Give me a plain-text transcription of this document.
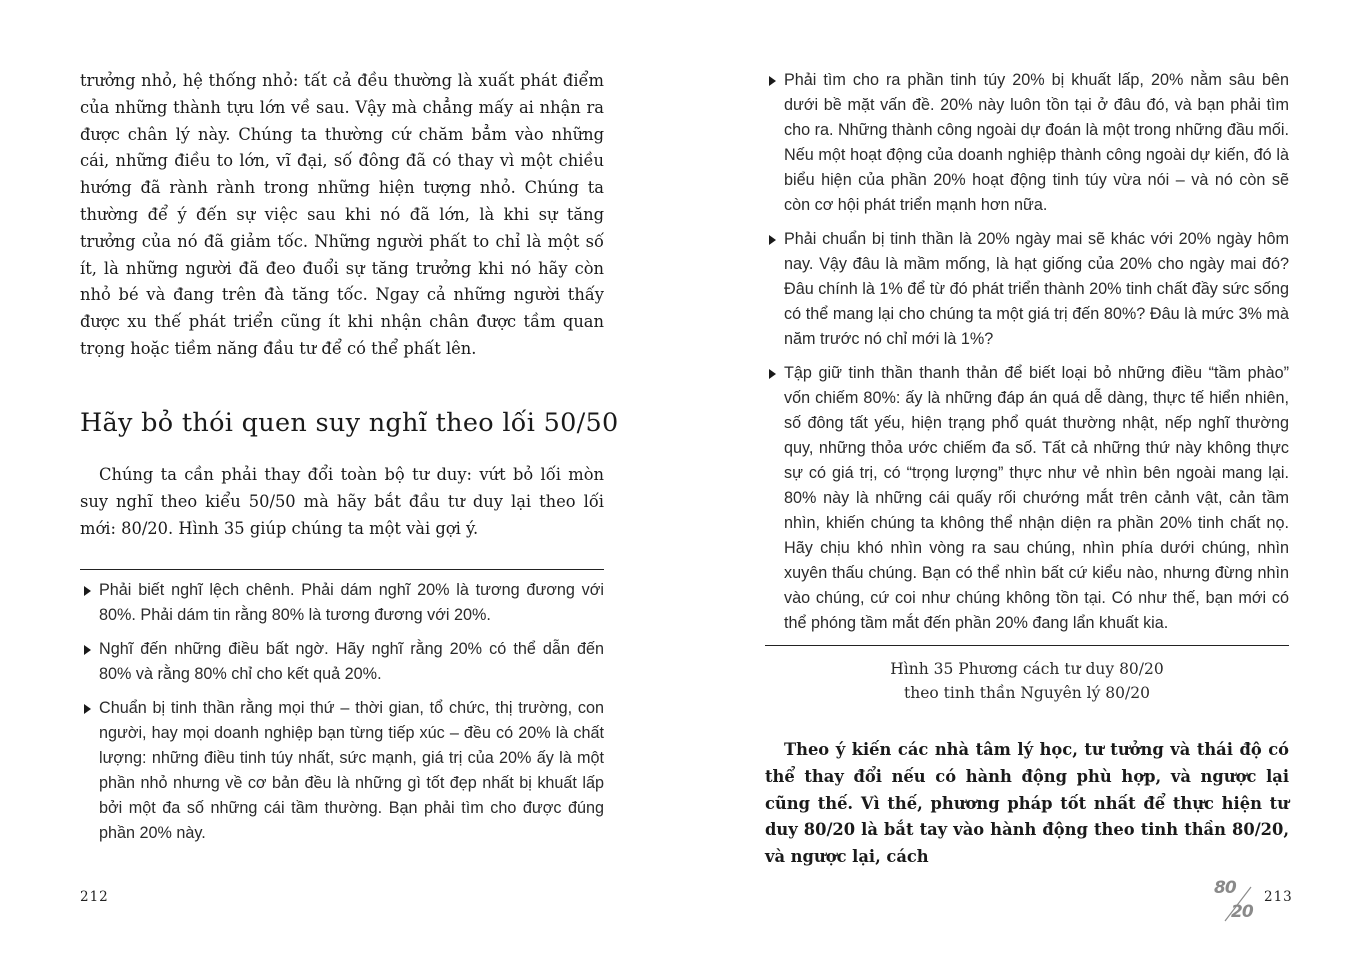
trưởng nhỏ, hệ thống nhỏ: tất cả đều thường là xuất phát điểm của những thành tựu lớn về sau. Vậy mà chẳng mấy ai nhận ra được chân lý này. Chúng ta thường cứ chăm bẳm vào những cái, những điều to lớn, vĩ đại, số đông đã có thay vì một chiều hướng đã rành rành trong những hiện tượng nhỏ. Chúng ta thường để ý đến sự việc sau khi nó đã lớn, là khi sự tăng trưởng của nó đã giảm tốc. Những người phất to chỉ là một số ít, là những người đã đeo đuổi sự tăng trưởng khi nó hãy còn nhỏ bé và đang trên đà tăng tốc. Ngay cả những người thấy được xu thế phát triển cũng ít khi nhận chân được tầm quan trọng hoặc tiềm năng đầu tư để có thể phất lên.

Hãy bỏ thói quen suy nghĩ theo lối 50/50

Chúng ta cần phải thay đổi toàn bộ tư duy: vứt bỏ lối mòn suy nghĩ theo kiểu 50/50 mà hãy bắt đầu tư duy lại theo lối mới: 80/20. Hình 35 giúp chúng ta một vài gợi ý.

Phải biết nghĩ lệch chênh. Phải dám nghĩ 20% là tương đương với 80%. Phải dám tin rằng 80% là tương đương với 20%.
Nghĩ đến những điều bất ngờ. Hãy nghĩ rằng 20% có thể dẫn đến 80% và rằng 80% chỉ cho kết quả 20%.
Chuẩn bị tinh thần rằng mọi thứ – thời gian, tổ chức, thị trường, con người, hay mọi doanh nghiệp bạn từng tiếp xúc – đều có 20% là chất lượng: những điều tinh túy nhất, sức mạnh, giá trị của 20% ấy là một phần nhỏ nhưng về cơ bản đều là những gì tốt đẹp nhất bị khuất lấp bởi một đa số những cái tầm thường. Bạn phải tìm cho được đúng phần 20% này.
212
Phải tìm cho ra phần tinh túy 20% bị khuất lấp, 20% nằm sâu bên dưới bề mặt vấn đề. 20% này luôn tồn tại ở đâu đó, và bạn phải tìm cho ra. Những thành công ngoài dự đoán là một trong những đầu mối. Nếu một hoạt động của doanh nghiệp thành công ngoài dự kiến, đó là biểu hiện của phần 20% hoạt động tinh túy vừa nói – và nó còn sẽ còn cơ hội phát triển mạnh hơn nữa.
Phải chuẩn bị tinh thần là 20% ngày mai sẽ khác với 20% ngày hôm nay. Vậy đâu là mầm mống, là hạt giống của 20% cho ngày mai đó? Đâu chính là 1% để từ đó phát triển thành 20% tinh chất đầy sức sống có thể mang lại cho chúng ta một giá trị đến 80%? Đâu là mức 3% mà năm trước nó chỉ mới là 1%?
Tập giữ tinh thần thanh thản để biết loại bỏ những điều “tầm phào” vốn chiếm 80%: ấy là những đáp án quá dễ dàng, thực tế hiển nhiên, số đông tất yếu, hiện trạng phổ quát thường nhật, nếp nghĩ thường quy, những thỏa ước chiếm đa số. Tất cả những thứ này không thực sự có giá trị, có “trọng lượng” thực như vẻ nhìn bên ngoài mang lại. 80% này là những cái quấy rối chướng mắt trên cảnh vật, cản tầm nhìn, khiến chúng ta không thể nhận diện ra phần 20% tinh chất nọ. Hãy chịu khó nhìn vòng ra sau chúng, nhìn phía dưới chúng, nhìn xuyên thấu chúng. Bạn có thể nhìn bất cứ kiểu nào, nhưng đừng nhìn vào chúng, cứ coi như chúng không tồn tại. Có như thế, bạn mới có thể phóng tầm mắt đến phần 20% đang lẩn khuất kia.
Hình 35 Phương cách tư duy 80/20
theo tinh thần Nguyên lý 80/20

Theo ý kiến các nhà tâm lý học, tư tưởng và thái độ có thể thay đổi nếu có hành động phù hợp, và ngược lại cũng thế. Vì thế, phương pháp tốt nhất để thực hiện tư duy 80/20 là bắt tay vào hành động theo tinh thần 80/20, và ngược lại, cách

80
20
213
